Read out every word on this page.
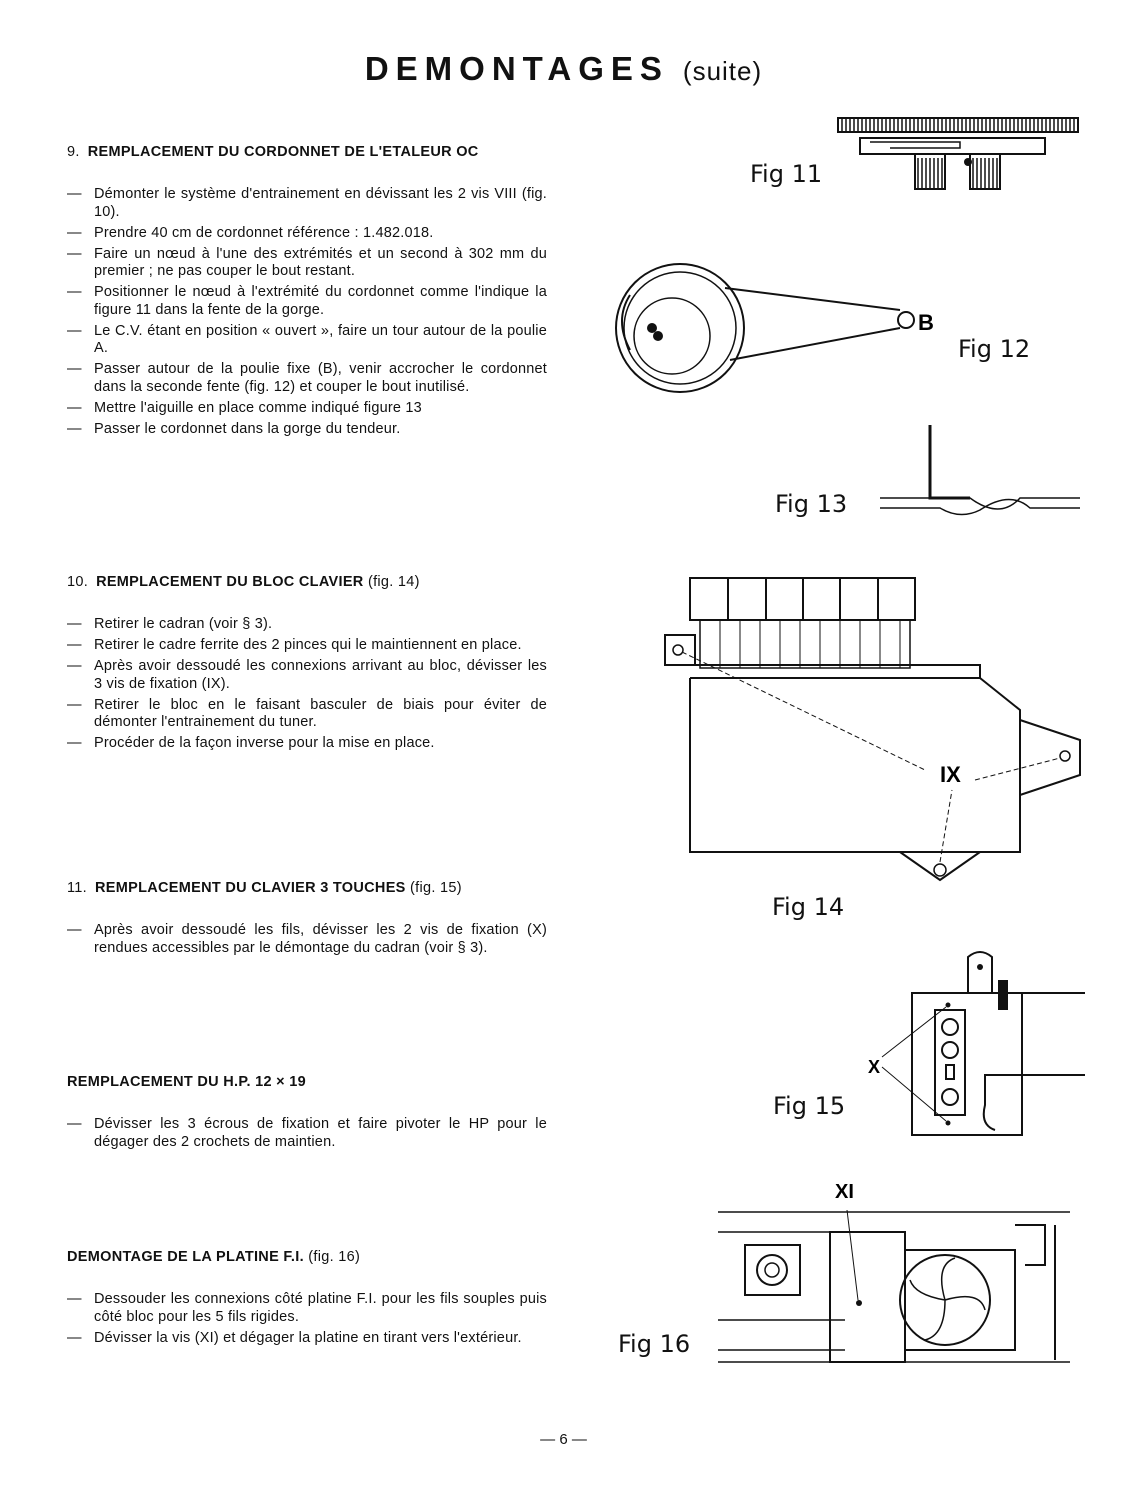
DEMONTAGES (suite)
9. REMPLACEMENT DU CORDONNET DE L'ETALEUR OC
— Démonter le système d'entrainement en dévissant les 2 vis VIII (fig. 10).
— Prendre 40 cm de cordonnet référence : 1.482.018.
— Faire un nœud à l'une des extrémités et un second à 302 mm du premier ; ne pas couper le bout restant.
— Positionner le nœud à l'extrémité du cordonnet comme l'indique la figure 11 dans la fente de la gorge.
— Le C.V. étant en position « ouvert », faire un tour autour de la poulie A.
— Passer autour de la poulie fixe (B), venir accrocher le cordonnet dans la seconde fente (fig. 12) et couper le bout inutilisé.
— Mettre l'aiguille en place comme indiqué figure 13
— Passer le cordonnet dans la gorge du tendeur.
10. REMPLACEMENT DU BLOC CLAVIER (fig. 14)
— Retirer le cadran (voir § 3).
— Retirer le cadre ferrite des 2 pinces qui le maintiennent en place.
— Après avoir dessoudé les connexions arrivant au bloc, dévisser les 3 vis de fixation (IX).
— Retirer le bloc en le faisant basculer de biais pour éviter de démonter l'entrainement du tuner.
— Procéder de la façon inverse pour la mise en place.
11. REMPLACEMENT DU CLAVIER 3 TOUCHES (fig. 15)
— Après avoir dessoudé les fils, dévisser les 2 vis de fixation (X) rendues accessibles par le démontage du cadran (voir § 3).
REMPLACEMENT DU H.P. 12 × 19
— Dévisser les 3 écrous de fixation et faire pivoter le HP pour le dégager des 2 crochets de maintien.
DEMONTAGE DE LA PLATINE F.I. (fig. 16)
— Dessouder les connexions côté platine F.I. pour les fils souples puis côté bloc pour les 5 fils rigides.
— Dévisser la vis (XI) et dégager la platine en tirant vers l'extérieur.
Fig 11
B
Fig 12
Fig 13
IX
Fig 14
X
Fig 15
XI
Fig 16
— 6 —
